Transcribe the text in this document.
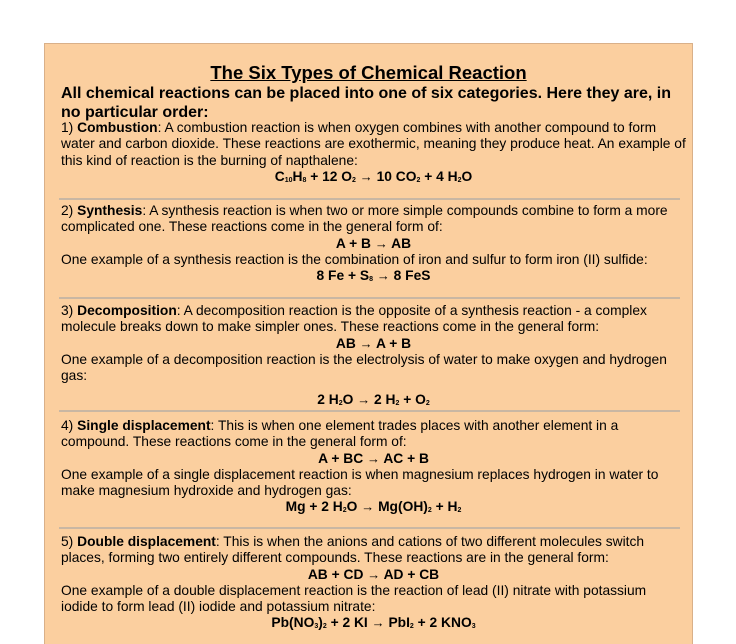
The Six Types of Chemical Reaction
All chemical reactions can be placed into one of six categories. Here they are, in no particular order:

1) Combustion: A combustion reaction is when oxygen combines with another compound to form water and carbon dioxide. These reactions are exothermic, meaning they produce heat. An example of this kind of reaction is the burning of napthalene:

$C_{10}H_8 + 12$ $O_2 \to 10$ $CO_2 + 4$ $H_2O$

2) Synthesis: A synthesis reaction is when two or more simple compounds combine to form a more complicated one. These reactions come in the general form of:

A + B → AB

One example of a synthesis reaction is the combination of iron and sulfur to form iron (II) sulfide:

8 $Fe + S_8 \to 8$ FeS

3) Decomposition: A decomposition reaction is the opposite of a synthesis reaction - a complex molecule breaks down to make simpler ones. These reactions come in the general form:

AB → A + B

One example of a decomposition reaction is the electrolysis of water to make oxygen and hydrogen gas:

2 $H_2O \to 2$ $H_2 + O_2$

4) Single displacement: This is when one element trades places with another element in a compound. These reactions come in the general form of:

A + BC → AC + B

One example of a single displacement reaction is when magnesium replaces hydrogen in water to make magnesium hydroxide and hydrogen gas:

Mg + 2 $H_2O \to Mg(OH)_2 + H_2$

5) Double displacement: This is when the anions and cations of two different molecules switch places, forming two entirely different compounds. These reactions are in the general form:

AB + CD → AD + CB

One example of a double displacement reaction is the reaction of lead (II) nitrate with potassium iodide to form lead (II) iodide and potassium nitrate:

$Pb(NO_3)_2 + 2$ KI → PbI$_2$ + 2 $KNO_3$
